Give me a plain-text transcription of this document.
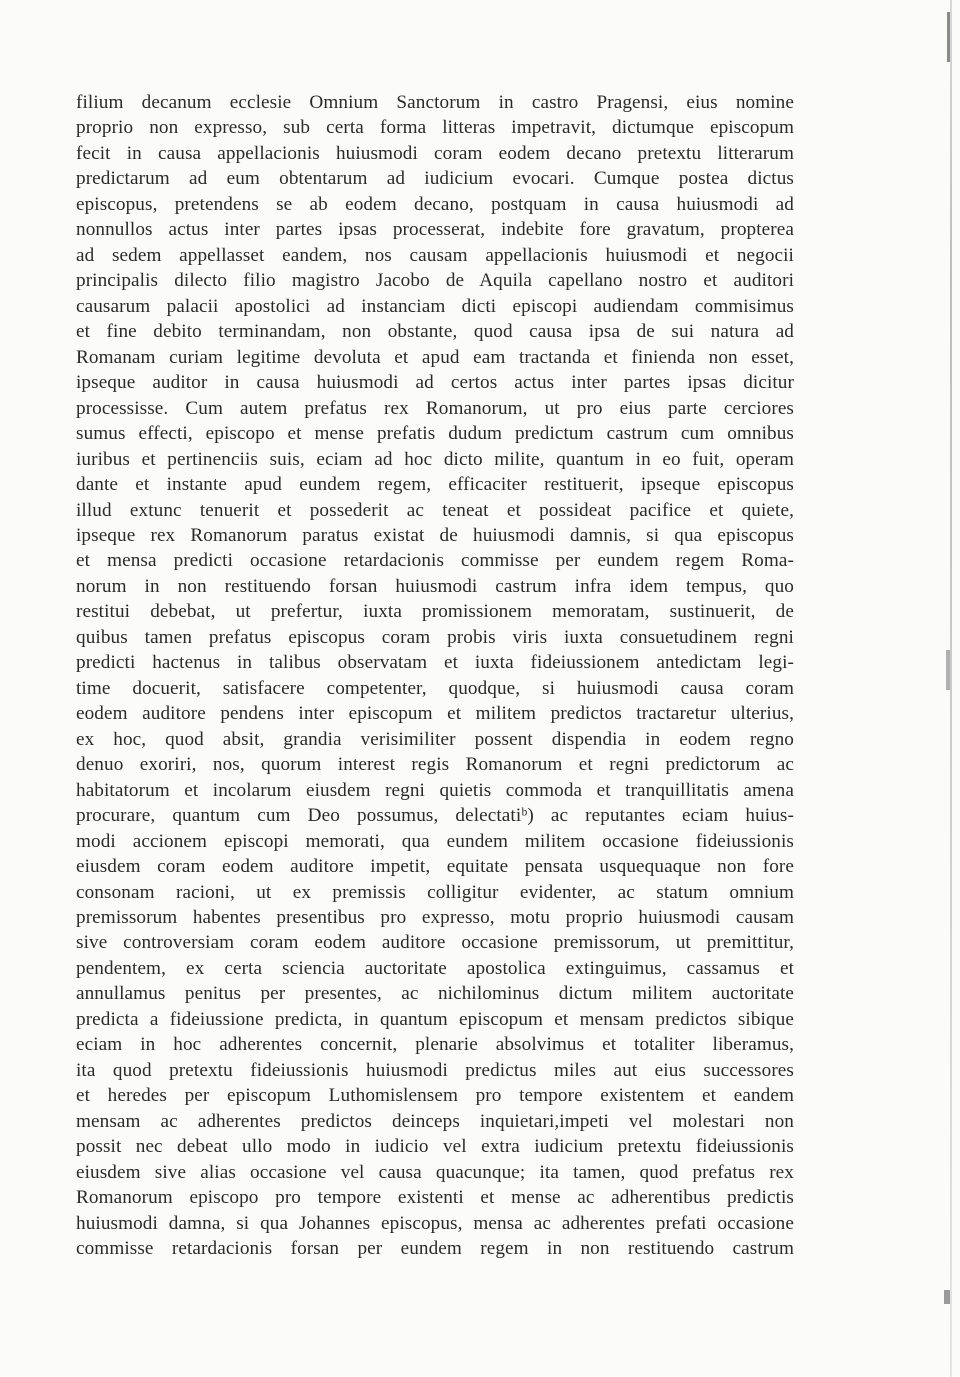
filium decanum ecclesie Omnium Sanctorum in castro Pragensi, eius nomine
proprio non expresso, sub certa forma litteras impetravit, dictumque episcopum
fecit in causa appellacionis huiusmodi coram eodem decano pretextu litterarum
predictarum ad eum obtentarum ad iudicium evocari. Cumque postea dictus
episcopus, pretendens se ab eodem decano, postquam in causa huiusmodi ad
nonnullos actus inter partes ipsas processerat, indebite fore gravatum, propterea
ad sedem appellasset eandem, nos causam appellacionis huiusmodi et negocii
principalis dilecto filio magistro Jacobo de Aquila capellano nostro et auditori
causarum palacii apostolici ad instanciam dicti episcopi audiendam commisimus
et fine debito terminandam, non obstante, quod causa ipsa de sui natura ad
Romanam curiam legitime devoluta et apud eam tractanda et finienda non esset,
ipseque auditor in causa huiusmodi ad certos actus inter partes ipsas dicitur
processisse. Cum autem prefatus rex Romanorum, ut pro eius parte cerciores
sumus effecti, episcopo et mense prefatis dudum predictum castrum cum omnibus
iuribus et pertinenciis suis, eciam ad hoc dicto milite, quantum in eo fuit, operam
dante et instante apud eundem regem, efficaciter restituerit, ipseque episcopus
illud extunc tenuerit et possederit ac teneat et possideat pacifice et quiete,
ipseque rex Romanorum paratus existat de huiusmodi damnis, si qua episcopus
et mensa predicti occasione retardacionis commisse per eundem regem Roma-
norum in non restituendo forsan huiusmodi castrum infra idem tempus, quo
restitui debebat, ut prefertur, iuxta promissionem memoratam, sustinuerit, de
quibus tamen prefatus episcopus coram probis viris iuxta consuetudinem regni
predicti hactenus in talibus observatam et iuxta fideiussionem antedictam legi-
time docuerit, satisfacere competenter, quodque, si huiusmodi causa coram
eodem auditore pendens inter episcopum et militem predictos tractaretur ulterius,
ex hoc, quod absit, grandia verisimiliter possent dispendia in eodem regno
denuo exoriri, nos, quorum interest regis Romanorum et regni predictorum ac
habitatorum et incolarum eiusdem regni quietis commoda et tranquillitatis amena
procurare, quantum cum Deo possumus, delectatiᵇ) ac reputantes eciam huius-
modi accionem episcopi memorati, qua eundem militem occasione fideiussionis
eiusdem coram eodem auditore impetit, equitate pensata usquequaque non fore
consonam racioni, ut ex premissis colligitur evidenter, ac statum omnium
premissorum habentes presentibus pro expresso, motu proprio huiusmodi causam
sive controversiam coram eodem auditore occasione premissorum, ut premittitur,
pendentem, ex certa sciencia auctoritate apostolica extinguimus, cassamus et
annullamus penitus per presentes, ac nichilominus dictum militem auctoritate
predicta a fideiussione predicta, in quantum episcopum et mensam predictos sibique
eciam in hoc adherentes concernit, plenarie absolvimus et totaliter liberamus,
ita quod pretextu fideiussionis huiusmodi predictus miles aut eius successores
et heredes per episcopum Luthomislensem pro tempore existentem et eandem
mensam ac adherentes predictos deinceps inquietari,impeti vel molestari non
possit nec debeat ullo modo in iudicio vel extra iudicium pretextu fideiussionis
eiusdem sive alias occasione vel causa quacunque; ita tamen, quod prefatus rex
Romanorum episcopo pro tempore existenti et mense ac adherentibus predictis
huiusmodi damna, si qua Johannes episcopus, mensa ac adherentes prefati occasione
commisse retardacionis forsan per eundem regem in non restituendo castrum
